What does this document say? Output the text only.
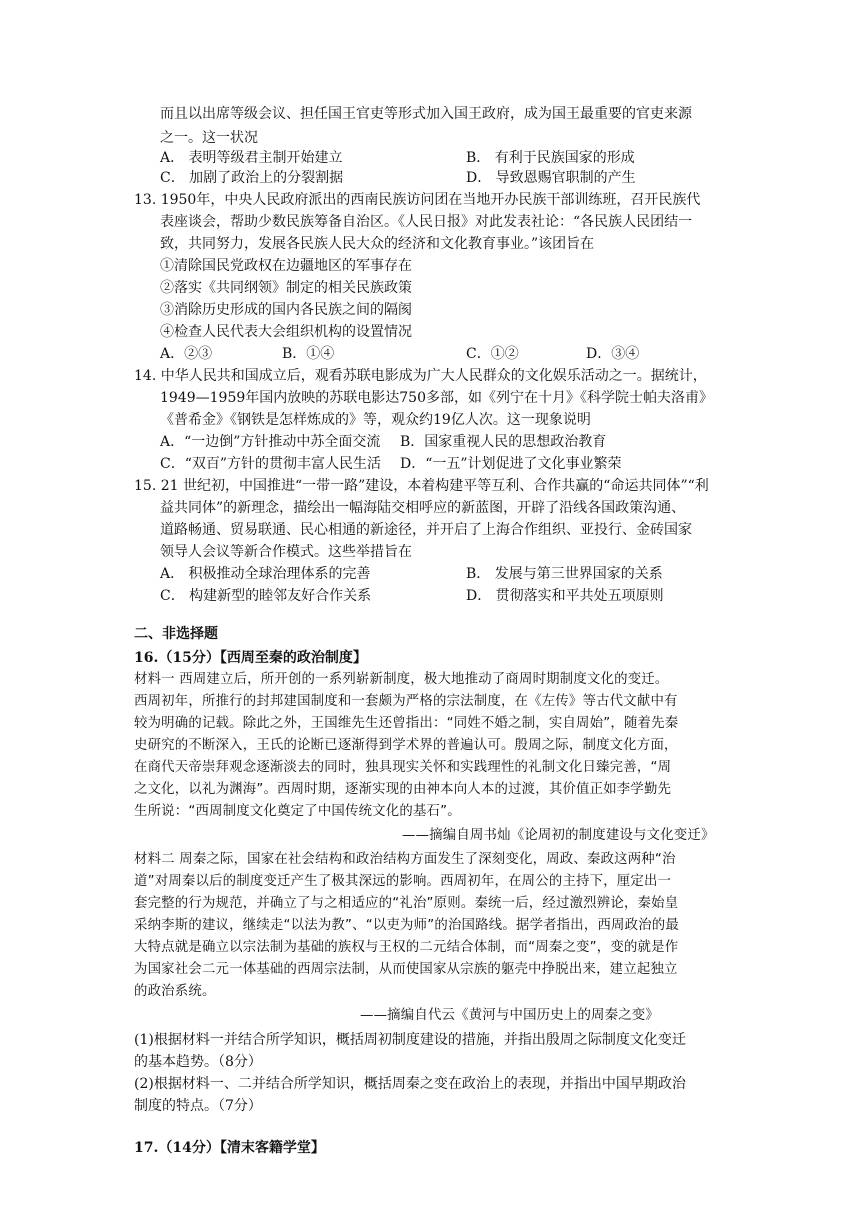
而且以出席等级会议、担任国王官吏等形式加入国王政府，成为国王最重要的官吏来源
之一。这一状况
A． 表明等级君主制开始建立	B． 有利于民族国家的形成
C． 加剧了政治上的分裂割据	D． 导致恩赐官职制的产生
13. 1950年，中央人民政府派出的西南民族访问团在当地开办民族干部训练班，召开民族代
表座谈会，帮助少数民族筹备自治区。《人民日报》对此发表社论：“各民族人民团结一
致，共同努力，发展各民族人民大众的经济和文化教育事业。”该团旨在
①清除国民党政权在边疆地区的军事存在
②落实《共同纲领》制定的相关民族政策
③消除历史形成的国内各民族之间的隔阂
④检查人民代表大会组织机构的设置情况
A．②③	B．①④	C．①②	D．③④
14. 中华人民共和国成立后，观看苏联电影成为广大人民群众的文化娱乐活动之一。据统计，
1949—1959年国内放映的苏联电影达750多部，如《列宁在十月》《科学院士帕夫洛甫》
《普希金》《钢铁是怎样炼成的》等，观众约19亿人次。这一现象说明
A．“一边倒”方针推动中苏全面交流 B．国家重视人民的思想政治教育
C．“双百”方针的贯彻丰富人民生活 D．“一五”计划促进了文化事业繁荣
15. 21 世纪初，中国推进“一带一路”建设，本着构建平等互利、合作共赢的“命运共同体”“利
益共同体”的新理念，描绘出一幅海陆交相呼应的新蓝图，开辟了沿线各国政策沟通、
道路畅通、贸易联通、民心相通的新途径，并开启了上海合作组织、亚投行、金砖国家
领导人会议等新合作模式。这些举措旨在
A． 积极推动全球治理体系的完善	B． 发展与第三世界国家的关系
C． 构建新型的睦邻友好合作关系	D． 贯彻落实和平共处五项原则
二、非选择题
16.（15分）【西周至秦的政治制度】
材料一 西周建立后，所开创的一系列崭新制度，极大地推动了商周时期制度文化的变迁。
西周初年，所推行的封邦建国制度和一套颇为严格的宗法制度，在《左传》等古代文献中有
较为明确的记载。除此之外，王国维先生还曾指出：“同姓不婚之制，实自周始”，随着先秦
史研究的不断深入，王氏的论断已逐渐得到学术界的普遍认可。殷周之际，制度文化方面，
在商代天帝崇拜观念逐渐淡去的同时，独具现实关怀和实践理性的礼制文化日臻完善，“周
之文化，以礼为渊海”。西周时期，逐渐实现的由神本向人本的过渡，其价值正如李学勤先
生所说：“西周制度文化奠定了中国传统文化的基石”。
——摘编自周书灿《论周初的制度建设与文化变迁》
材料二 周秦之际，国家在社会结构和政治结构方面发生了深刻变化，周政、秦政这两种“治
道”对周秦以后的制度变迁产生了极其深远的影响。西周初年，在周公的主持下，厘定出一
套完整的行为规范，并确立了与之相适应的“礼治”原则。秦统一后，经过激烈辨论，秦始皇
采纳李斯的建议，继续走“以法为教”、“以吏为师”的治国路线。据学者指出，西周政治的最
大特点就是确立以宗法制为基础的族权与王权的二元结合体制，而“周秦之变”，变的就是作
为国家社会二元一体基础的西周宗法制，从而使国家从宗族的躯壳中挣脱出来，建立起独立
的政治系统。
——摘编自代云《黄河与中国历史上的周秦之变》
(1)根据材料一并结合所学知识，概括周初制度建设的措施，并指出殷周之际制度文化变迁
的基本趋势。（8分）
(2)根据材料一、二并结合所学知识，概括周秦之变在政治上的表现，并指出中国早期政治
制度的特点。（7分）
17.（14分）【清末客籍学堂】
